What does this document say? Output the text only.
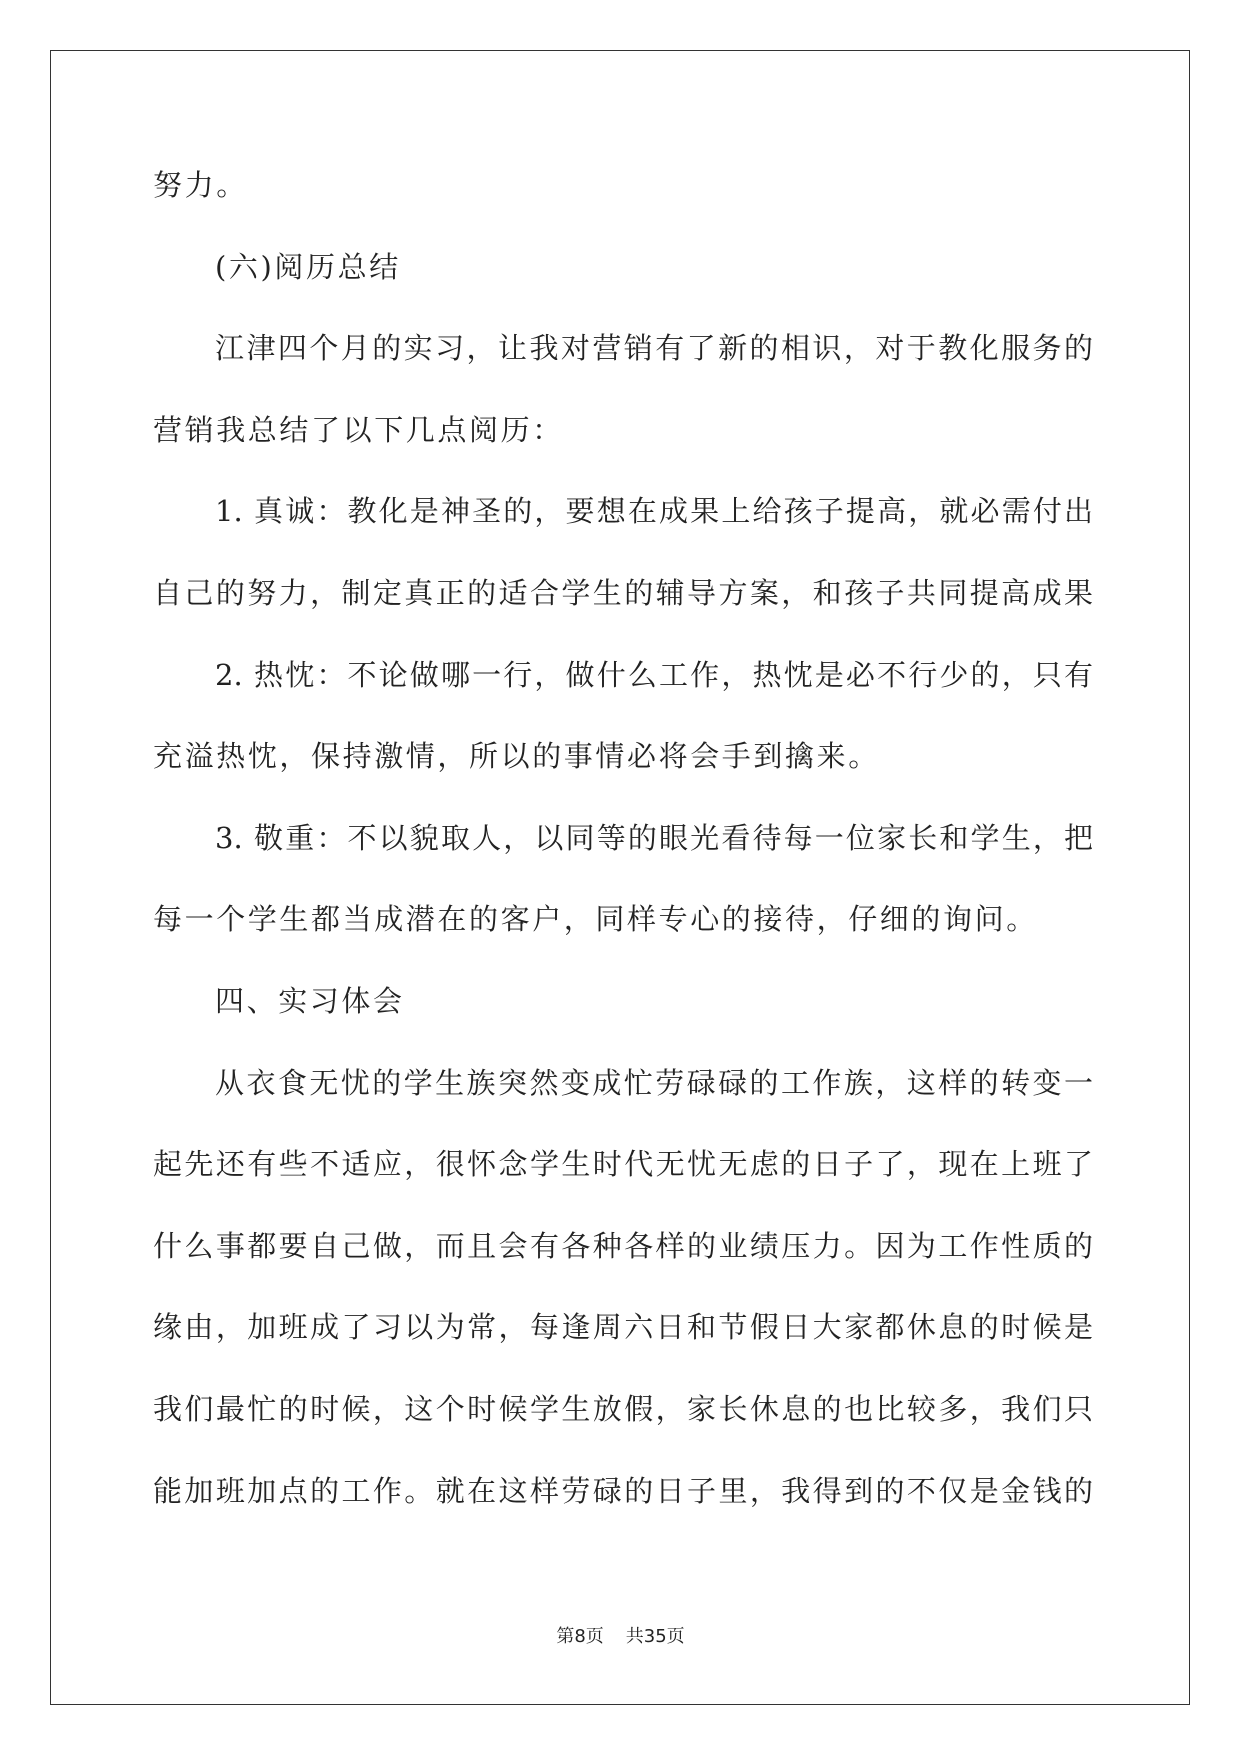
努力。
(六)阅历总结
江津四个月的实习，让我对营销有了新的相识，对于教化服务的
营销我总结了以下几点阅历：
1. 真诚：教化是神圣的，要想在成果上给孩子提高，就必需付出
自己的努力，制定真正的适合学生的辅导方案，和孩子共同提高成果
2. 热忱：不论做哪一行，做什么工作，热忱是必不行少的，只有
充溢热忱，保持激情，所以的事情必将会手到擒来。
3. 敬重：不以貌取人，以同等的眼光看待每一位家长和学生，把
每一个学生都当成潜在的客户，同样专心的接待，仔细的询问。
四、实习体会
从衣食无忧的学生族突然变成忙劳碌碌的工作族，这样的转变一
起先还有些不适应，很怀念学生时代无忧无虑的日子了，现在上班了
什么事都要自己做，而且会有各种各样的业绩压力。因为工作性质的
缘由，加班成了习以为常，每逢周六日和节假日大家都休息的时候是
我们最忙的时候，这个时候学生放假，家长休息的也比较多，我们只
能加班加点的工作。就在这样劳碌的日子里，我得到的不仅是金钱的
第8页 共35页
